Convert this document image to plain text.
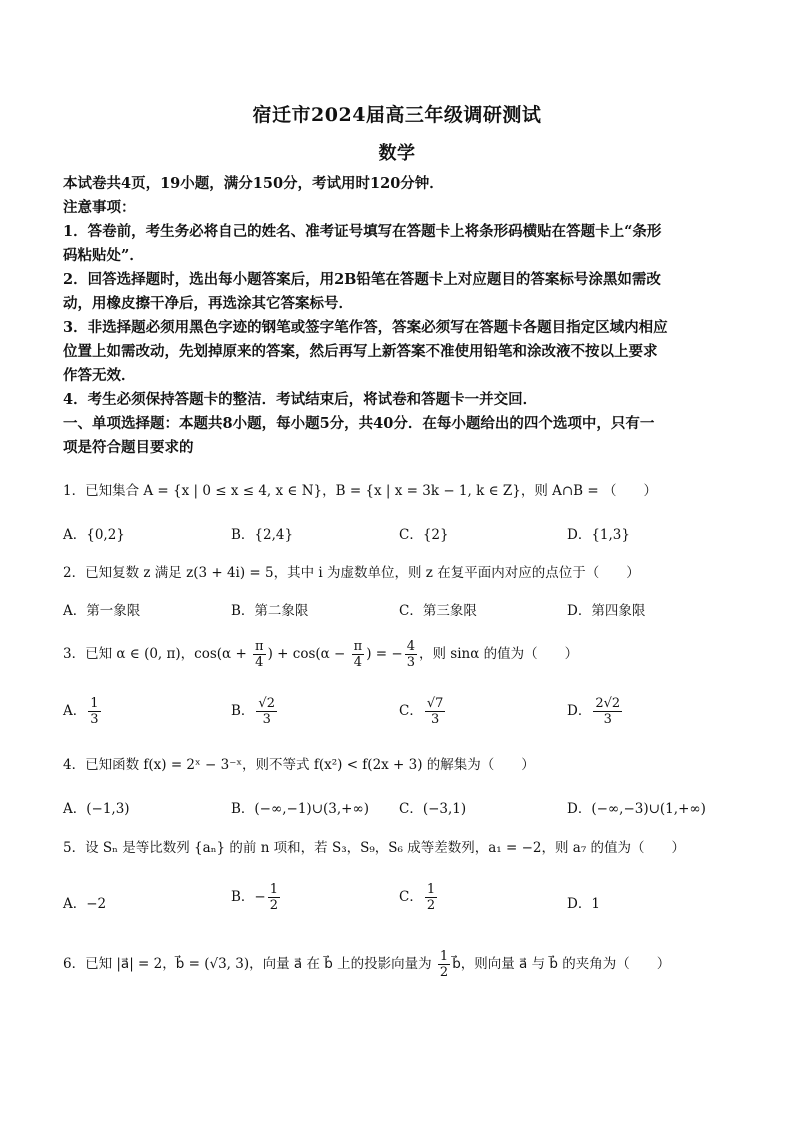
宿迁市2024届高三年级调研测试
数学
本试卷共4页，19小题，满分150分，考试用时120分钟．
注意事项：
1．答卷前，考生务必将自己的姓名、准考证号填写在答题卡上将条形码横贴在答题卡上“条形
码粘贴处”．
2．回答选择题时，选出每小题答案后，用2B铅笔在答题卡上对应题目的答案标号涂黑如需改
动，用橡皮擦干净后，再选涂其它答案标号．
3．非选择题必须用黑色字迹的钢笔或签字笔作答，答案必须写在答题卡各题目指定区域内相应
位置上如需改动，先划掉原来的答案，然后再写上新答案不准使用铅笔和涂改液不按以上要求
作答无效．
4．考生必须保持答题卡的整洁．考试结束后，将试卷和答题卡一并交回．
一、单项选择题：本题共8小题，每小题5分，共40分．在每小题给出的四个选项中，只有一
项是符合题目要求的
1．已知集合 A = {x | 0 ≤ x ≤ 4, x ∈ N}，B = {x | x = 3k − 1, k ∈ Z}，则 A∩B = （　　）
A．{0,2}	B．{2,4}	C．{2}	D．{1,3}
2．已知复数 z 满足 z(3 + 4i) = 5，其中 i 为虚数单位，则 z 在复平面内对应的点位于（　　）
A．第一象限	B．第二象限	C．第三象限	D．第四象限
3．已知 α ∈ (0, π)，$\cos(\alpha + \frac{\pi}{4}$ ) + $\cos(\alpha - \frac{\pi}{4}$ ) = − $\frac{4}{3}$ ，则 sinα 的值为（　　）
A． $\frac{1}{3}$	B． $\frac{√2}{3}$	C． $\frac{√7}{3}$	D． $\frac{2√2}{3}$
4．已知函数 f(x) = 2ˣ − 3⁻ˣ，则不等式 f(x²) < f(2x + 3) 的解集为（　　）
A．(−1,3)	B．(−∞,−1)∪(3,+∞) C．(−3,1)	D．(−∞,−3)∪(1,+∞)
5．设 Sₙ 是等比数列 {aₙ} 的前 n 项和，若 S₃，S₉，S₆ 成等差数列，a₁ = −2，则 a₇ 的值为（　　）
A．−2	B．− $\frac{1}{2}$	C． $\frac{1}{2}$	D．1
6．已知 |a⃗| = 2，b⃗ = (√3, 3)，向量 a⃗ 在 b⃗ 上的投影向量为 $\frac{1}{2}$ b⃗，则向量 a⃗ 与 b⃗ 的夹角为（　　）
